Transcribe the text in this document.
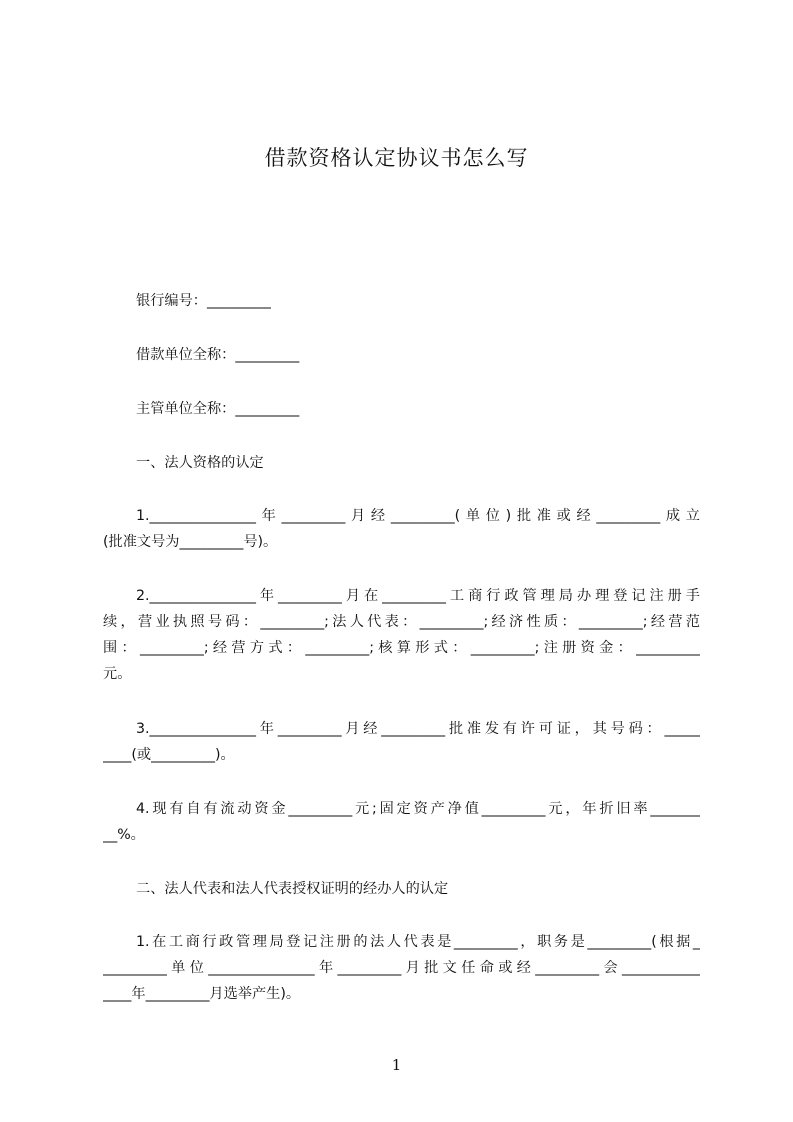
借款资格认定协议书怎么写
银行编号：_________
借款单位全称：_________
主管单位全称：_________
一、法人资格的认定
1._______________年_________月经_________(单位)批准或经_________成立
(批准文号为_________号)。
2._______________年_________月在_________工商行政管理局办理登记注册手
续，营业执照号码：_________;法人代表：_________;经济性质：_________;经营范
围：_________;经营方式：_________;核算形式：_________;注册资金：_________
元。
3._______________年_________月经_________批准发有许可证，其号码：_____
____(或_________)。
4.现有自有流动资金_________元;固定资产净值_________元，年折旧率_______
__%。
二、法人代表和法人代表授权证明的经办人的认定
1.在工商行政管理局登记注册的法人代表是_________，职务是_________(根据_
_________单位_______________年_________月批文任命或经_________会___________
____年_________月选举产生)。
1
